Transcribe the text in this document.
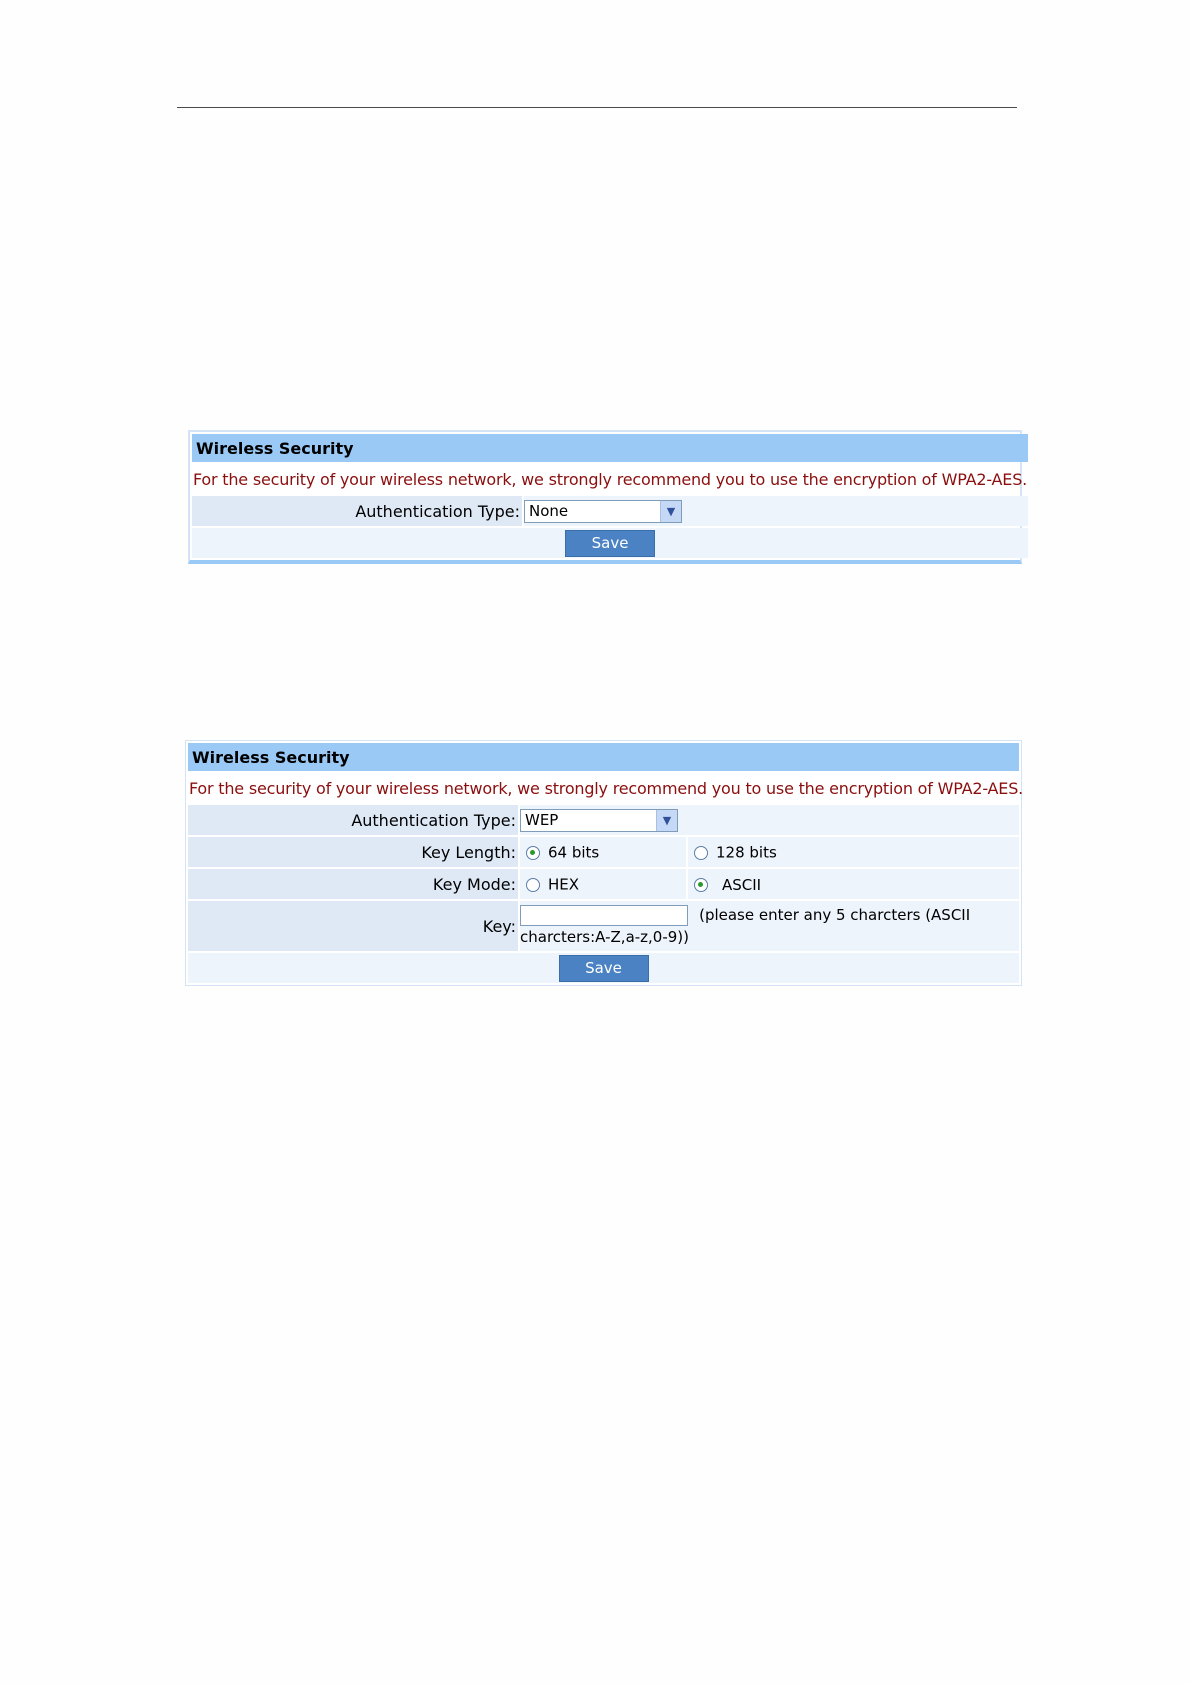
Wireless Security
For the security of your wireless network, we strongly recommend you to use the encryption of WPA2-AES.
Authentication Type:	None	▼

Save
Wireless Security		
For the security of your wireless network, we strongly recommend you to use the encryption of WPA2-AES.		
Authentication Type:	WEP ▼	

Key Length:	64 bits	128 bits
Key Mode:	HEX	ASCII
Key:	(please enter any 5 charcters (ASCII
charcters:A-Z,a-z,0-9))	

Save		
